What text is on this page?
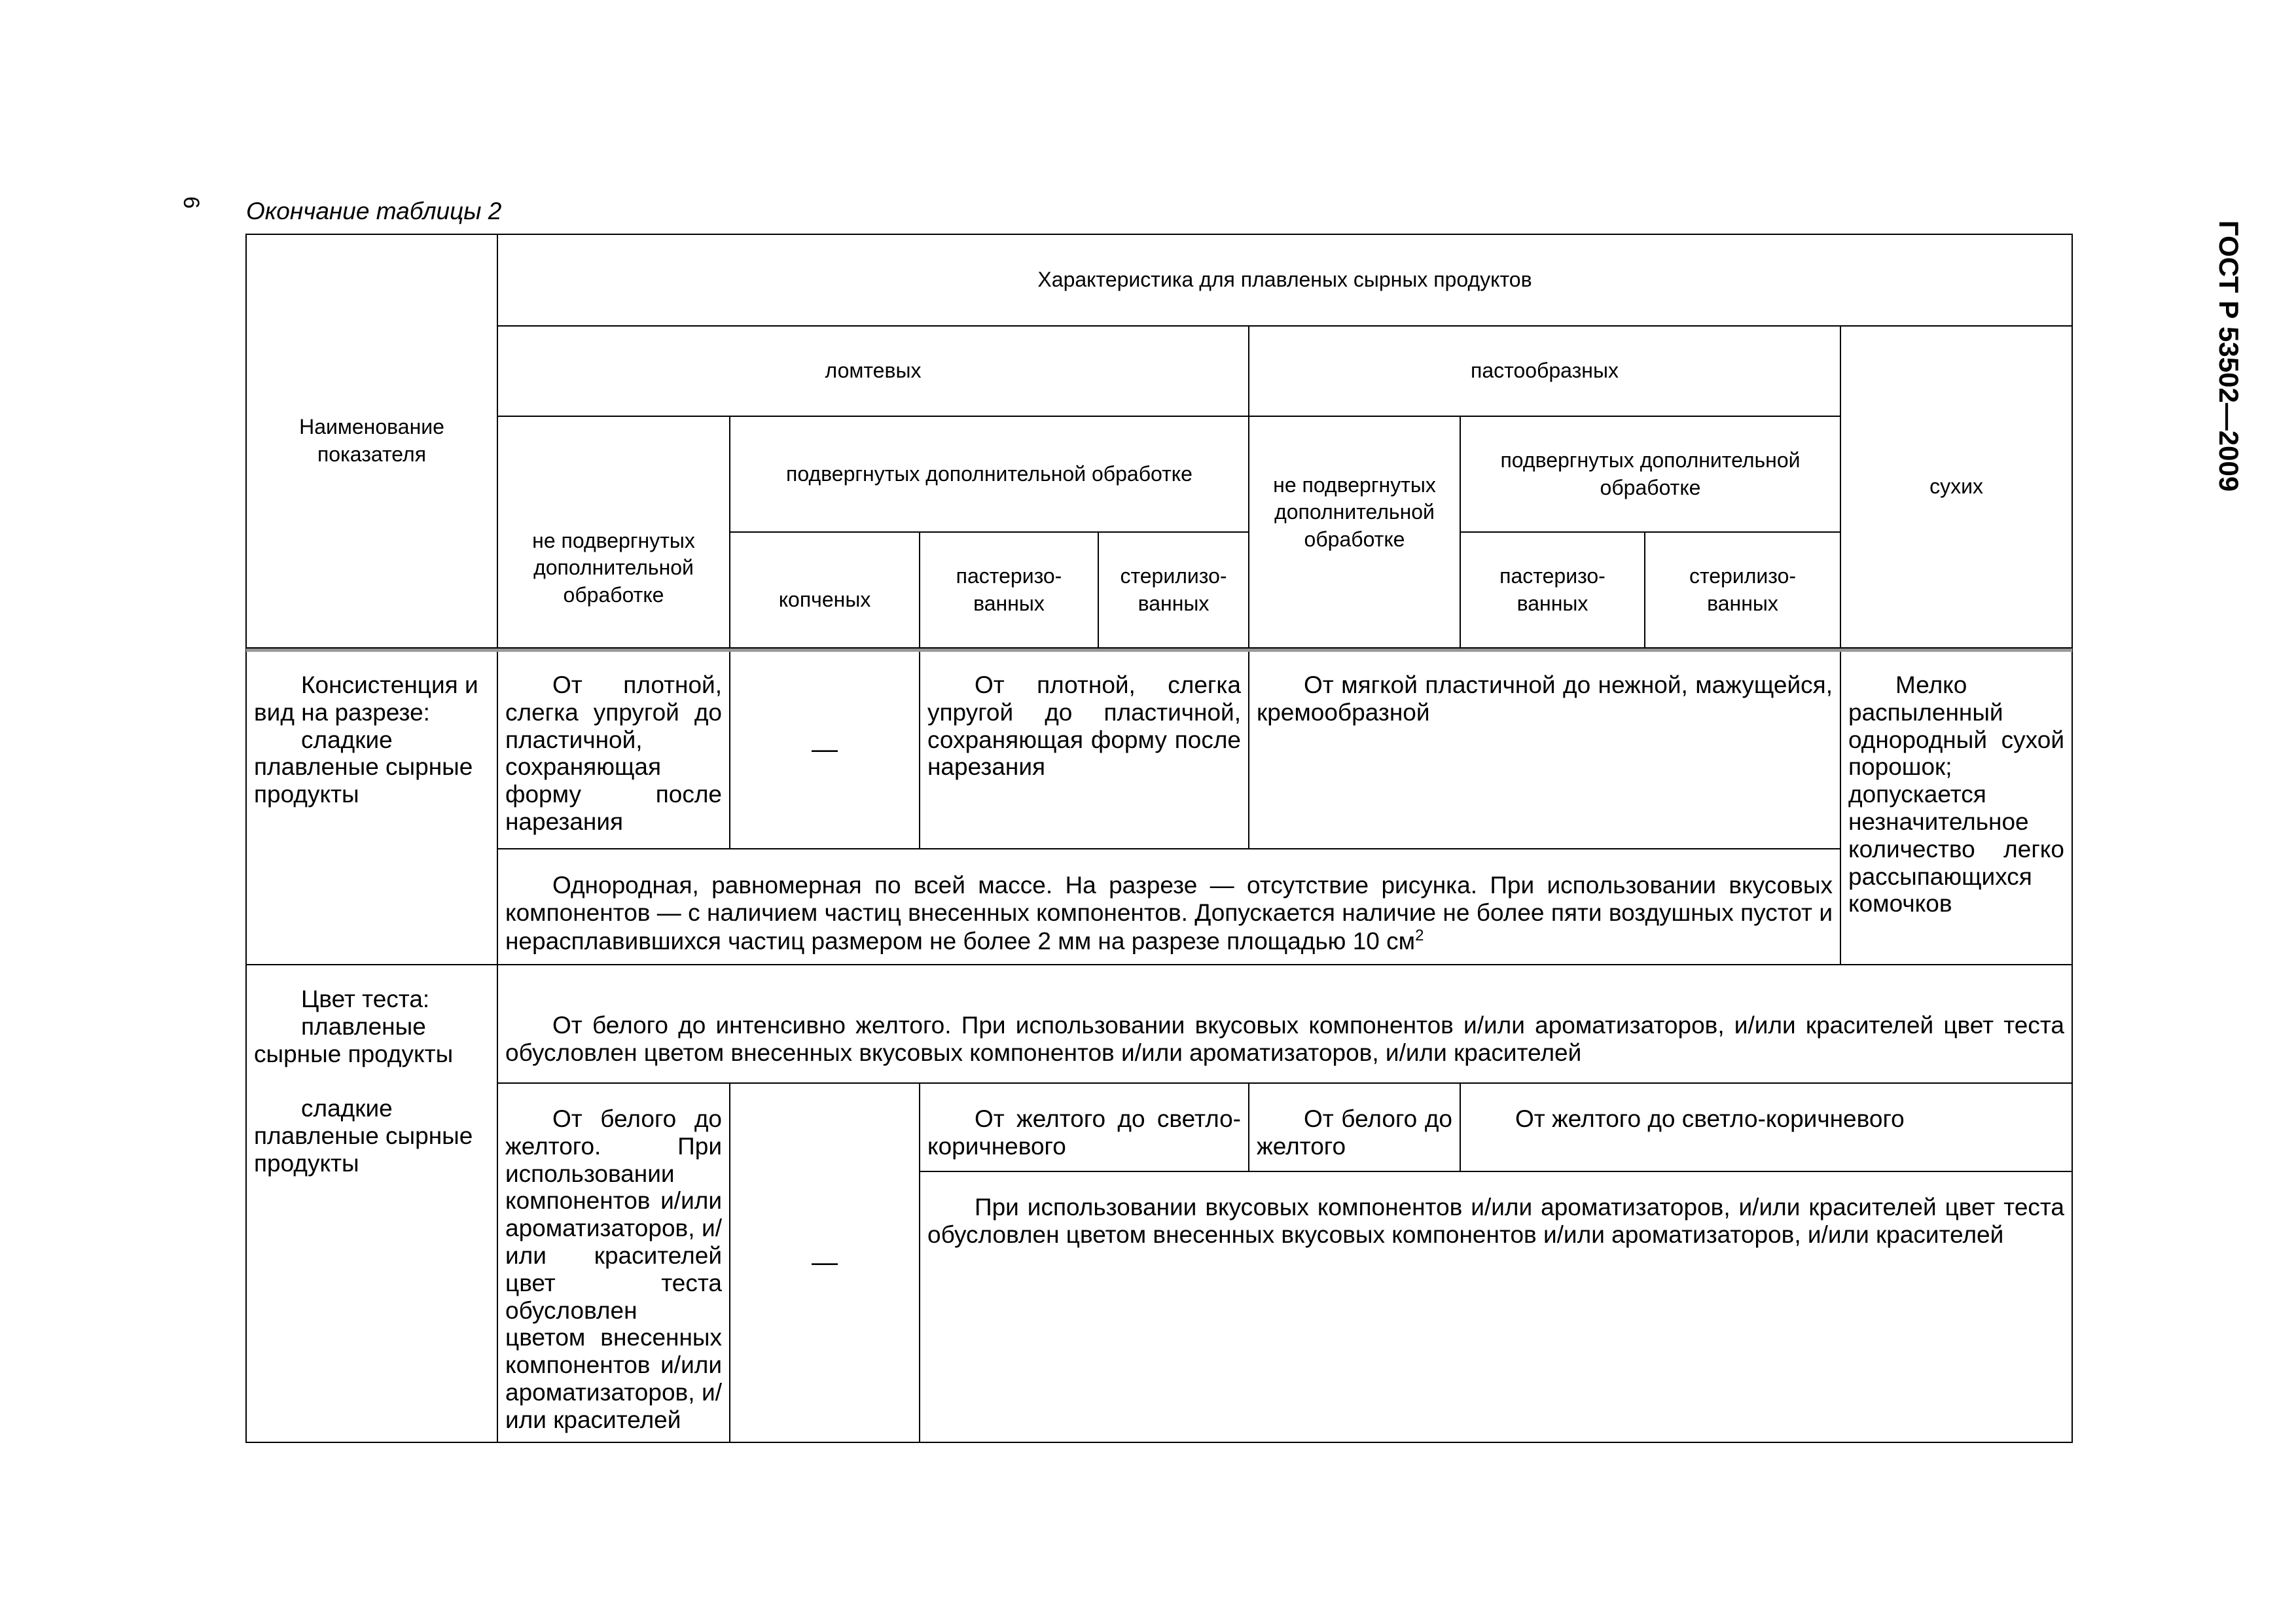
6
ГОСТ Р 53502—2009
Окончание таблицы 2
Наименование показателя
Характеристика для плавленых сырных продуктов
ломтевых	пастообразных
сухих
не подвергнутых дополнительной обработке
подвергнутых дополнительной обработке
копченых
пастеризо-ванных
стерилизо-ванных
не подвергнутых дополнительной обработке
подвергнутых дополнительной обработке
пастеризо-ванных
стерилизо-ванных

Консистенция и вид на разрезе:

сладкие плавленые сырные продукты

От плотной, слегка упругой до пластичной, сохраняющая форму после нарезания
—
От плотной, слегка упругой до пластичной, сохраняющая форму после нарезания
От мягкой пластичной до нежной, мажущейся, кремообразной
Мелко распыленный однородный сухой порошок; допускается незначительное количество легко рассыпающихся комочков
Однородная, равномерная по всей массе. На разрезе — отсутствие рисунка. При использовании вкусовых компонентов — с наличием частиц внесенных компонентов. Допускается наличие не более пяти воздушных пустот и нерасплавившихся частиц размером не более 2 мм на разрезе площадью 10 $см^2$

Цвет теста:

плавленые сырные продукты

сладкие плавленые сырные продукты

От белого до интенсивно желтого. При использовании вкусовых компонентов и/или ароматизаторов, и/или красителей цвет теста обусловлен цветом внесенных вкусовых компонентов и/или ароматизаторов, и/или красителей
От белого до желтого. При использовании компонентов и/или ароматизаторов, и/или красителей цвет теста обусловлен цветом внесенных компонентов и/или ароматизаторов, и/или красителей
—
От желтого до светло-коричневого
От белого до желтого
От желтого до светло-коричневого
При использовании вкусовых компонентов и/или ароматизаторов, и/или красителей цвет теста обусловлен цветом внесенных вкусовых компонентов и/или ароматизаторов, и/или красителей
